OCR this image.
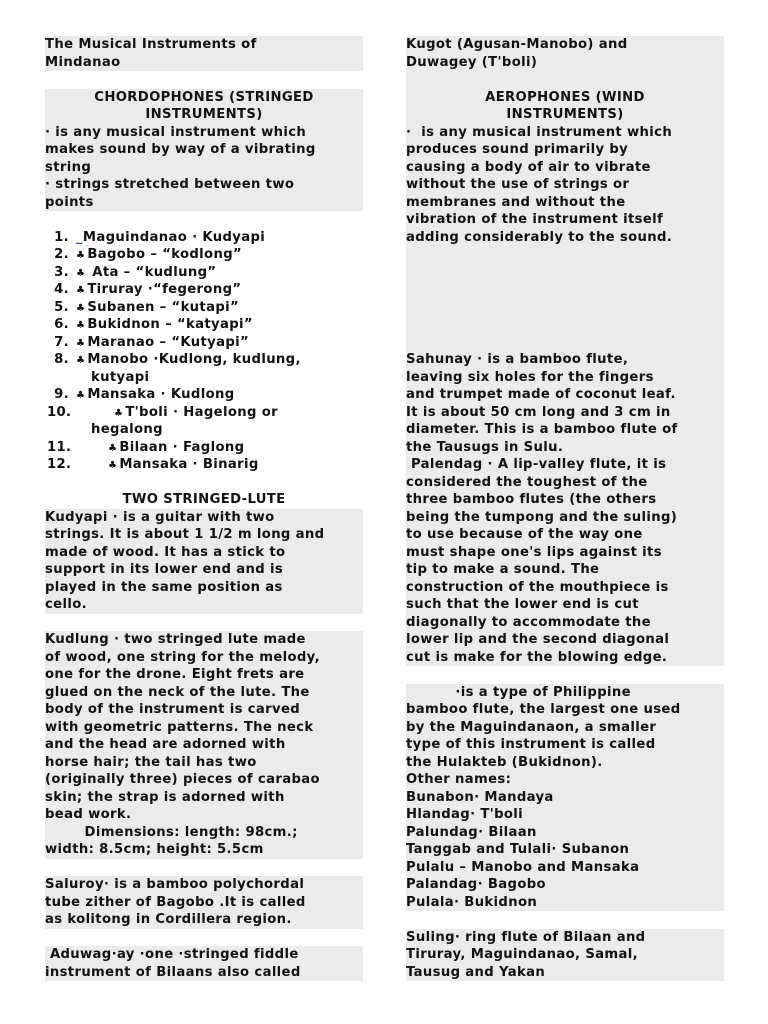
The Musical Instruments of
Mindanao
CHORDOPHONES (STRINGED
INSTRUMENTS)
· is any musical instrument which
makes sound by way of a vibrating
string
· strings stretched between two
points
1. _Maguindanao · Kudyapi
2. ♣ Bagobo – “kodlong”
3. ♣ Ata – “kudlung”
4. ♣ Tiruray ·“fegerong”
5. ♣ Subanen – “kutapi”
6. ♣ Bukidnon – “katyapi”
7. ♣ Maranao – “Kutyapi”
8. ♣ Manobo ·Kudlong, kudlung,
kutyapi
9. ♣ Mansaka · Kudlong
10.	♣ T'boli · Hagelong or
hegalong
11.	♣ Bilaan · Faglong
12.	♣ Mansaka · Binarig
TWO STRINGED-LUTE
Kudyapi · is a guitar with two
strings. It is about 1 1/2 m long and
made of wood. It has a stick to
support in its lower end and is
played in the same position as
cello.
Kudlung · two stringed lute made
of wood, one string for the melody,
one for the drone. Eight frets are
glued on the neck of the lute. The
body of the instrument is carved
with geometric patterns. The neck
and the head are adorned with
horse hair; the tail has two
(originally three) pieces of carabao
skin; the strap is adorned with
bead work.
Dimensions: length: 98cm.;
width: 8.5cm; height: 5.5cm
Saluroy· is a bamboo polychordal
tube zither of Bagobo .It is called
as kolitong in Cordillera region.
Aduwag·ay ·one ·stringed fiddle
instrument of Bilaans also called
Kugot (Agusan-Manobo) and
Duwagey (T'boli)
AEROPHONES (WIND
INSTRUMENTS)
·  is any musical instrument which
produces sound primarily by
causing a body of air to vibrate
without the use of strings or
membranes and without the
vibration of the instrument itself
adding considerably to the sound.
Sahunay · is a bamboo flute,
leaving six holes for the fingers
and trumpet made of coconut leaf.
It is about 50 cm long and 3 cm in
diameter. This is a bamboo flute of
the Tausugs in Sulu.
Palendag · A lip-valley flute, it is
considered the toughest of the
three bamboo flutes (the others
being the tumpong and the suling)
to use because of the way one
must shape one's lips against its
tip to make a sound. The
construction of the mouthpiece is
such that the lower end is cut
diagonally to accommodate the
lower lip and the second diagonal
cut is make for the blowing edge.
·is a type of Philippine
bamboo flute, the largest one used
by the Maguindanaon, a smaller
type of this instrument is called
the Hulakteb (Bukidnon).
Other names:
Bunabon· Mandaya
Hlandag· T'boli
Palundag· Bilaan
Tanggab and Tulali· Subanon
Pulalu – Manobo and Mansaka
Palandag· Bagobo
Pulala· Bukidnon
Suling· ring flute of Bilaan and
Tiruray, Maguindanao, Samal,
Tausug and Yakan
